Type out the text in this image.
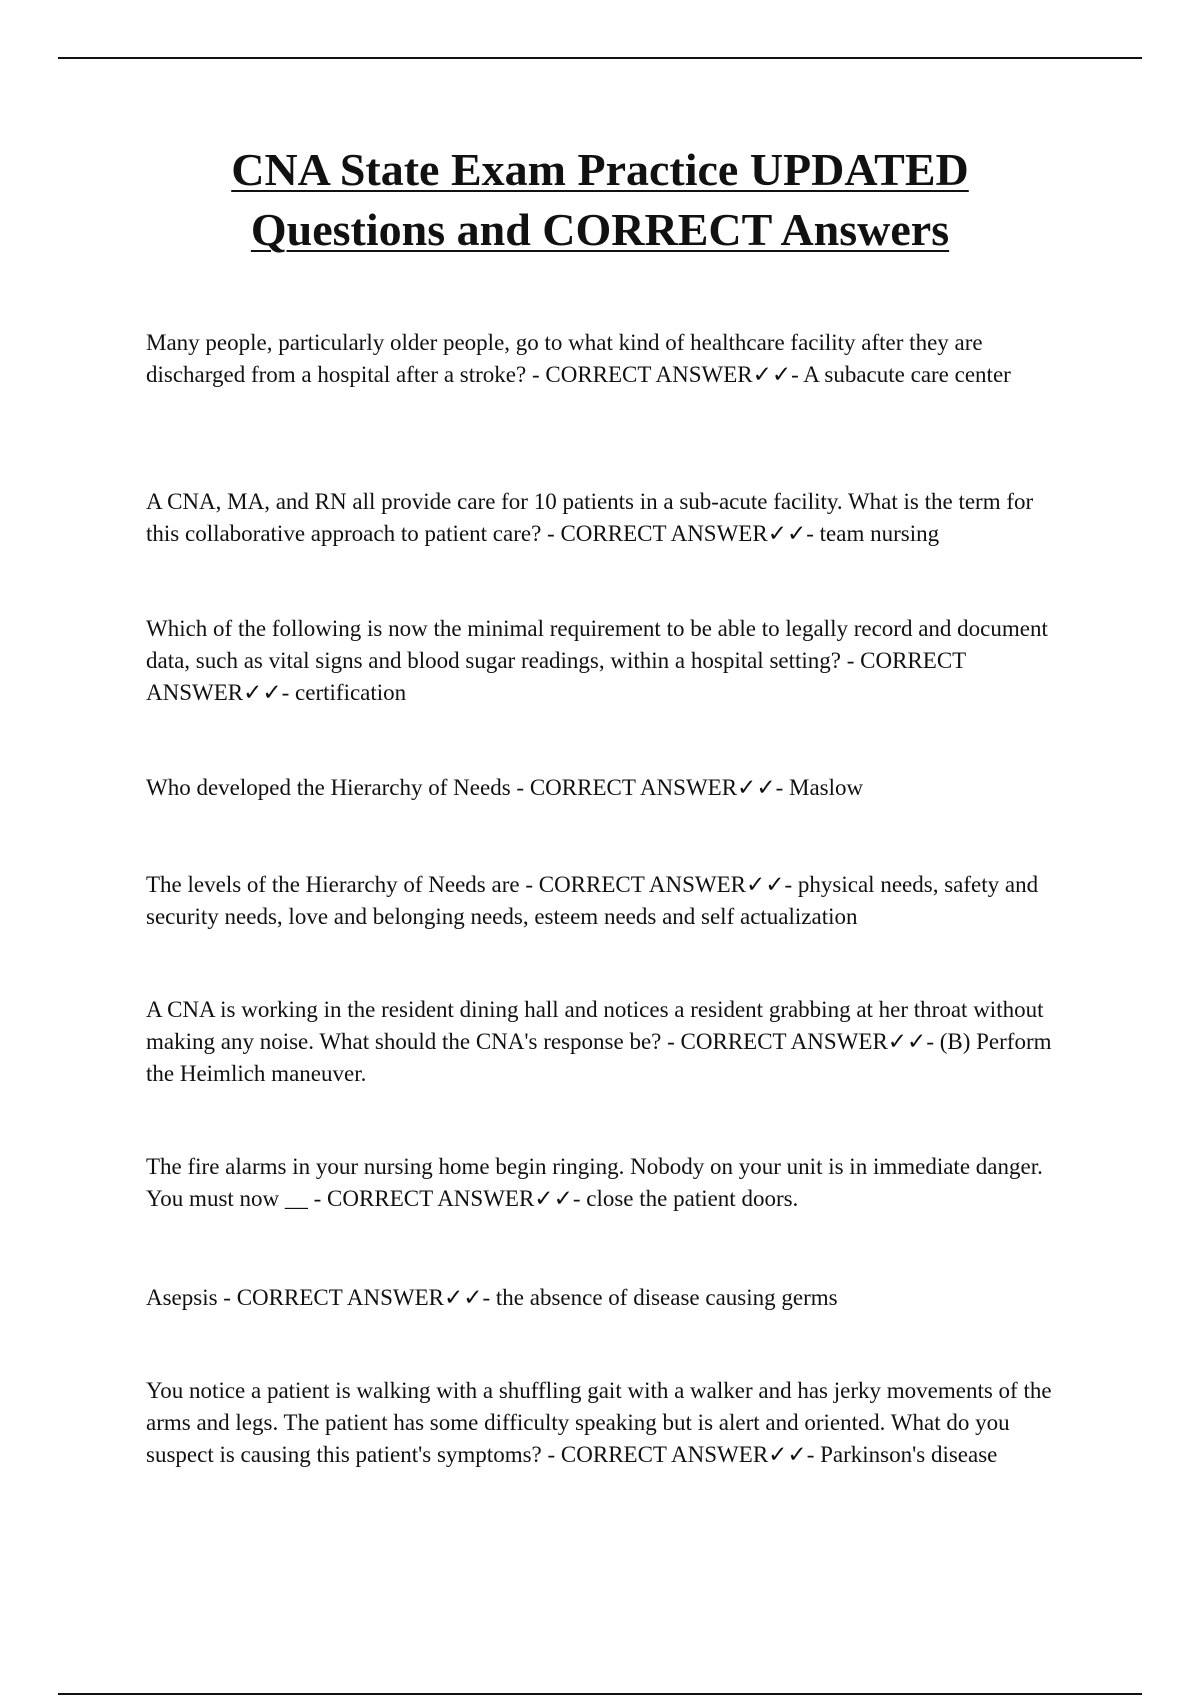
CNA State Exam Practice UPDATED
Questions and CORRECT Answers

Many people, particularly older people, go to what kind of healthcare facility after they are discharged from a hospital after a stroke? - CORRECT ANSWER✓✓- A subacute care center

A CNA, MA, and RN all provide care for 10 patients in a sub-acute facility. What is the term for this collaborative approach to patient care? - CORRECT ANSWER✓✓- team nursing

Which of the following is now the minimal requirement to be able to legally record and document data, such as vital signs and blood sugar readings, within a hospital setting? - CORRECT ANSWER✓✓- certification

Who developed the Hierarchy of Needs - CORRECT ANSWER✓✓- Maslow

The levels of the Hierarchy of Needs are - CORRECT ANSWER✓✓- physical needs, safety and security needs, love and belonging needs, esteem needs and self actualization

A CNA is working in the resident dining hall and notices a resident grabbing at her throat without making any noise. What should the CNA's response be? - CORRECT ANSWER✓✓- (B) Perform the Heimlich maneuver.

The fire alarms in your nursing home begin ringing. Nobody on your unit is in immediate danger. You must now __ - CORRECT ANSWER✓✓- close the patient doors.

Asepsis - CORRECT ANSWER✓✓- the absence of disease causing germs

You notice a patient is walking with a shuffling gait with a walker and has jerky movements of the arms and legs. The patient has some difficulty speaking but is alert and oriented. What do you suspect is causing this patient's symptoms? - CORRECT ANSWER✓✓- Parkinson's disease
